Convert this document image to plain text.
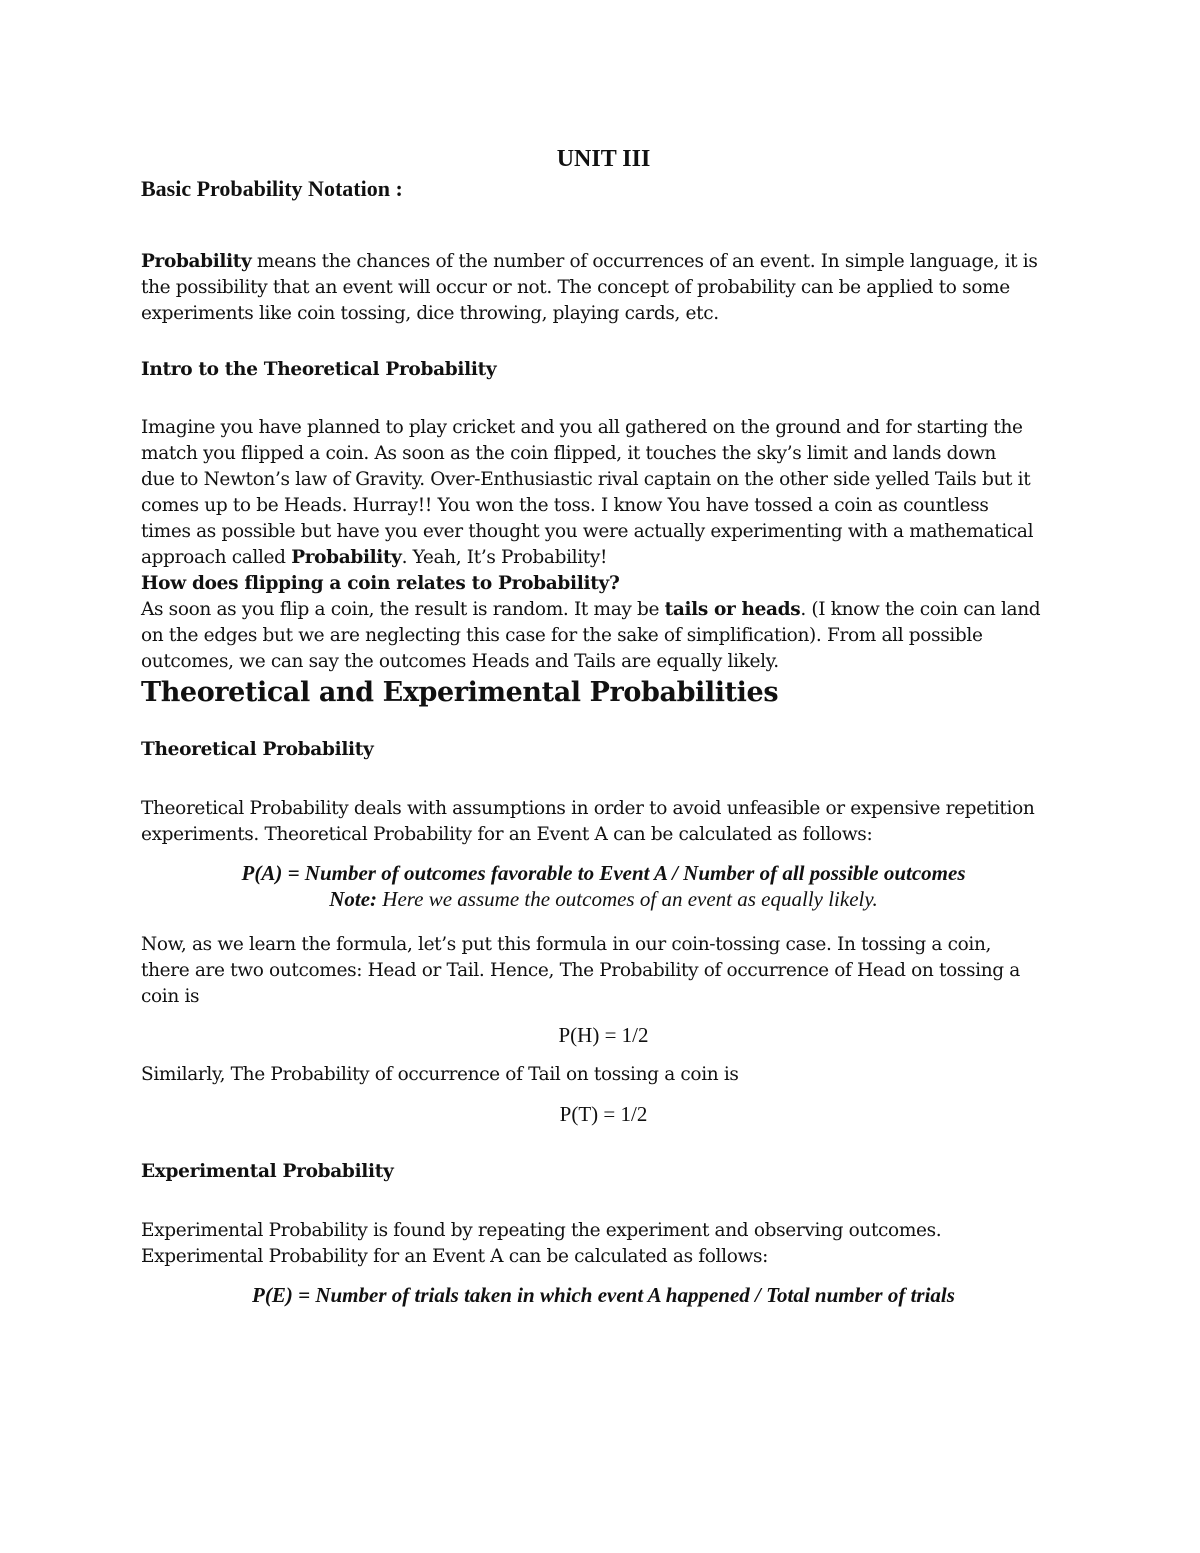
UNIT III
Basic Probability Notation :
Probability means the chances of the number of occurrences of an event. In simple language, it is
the possibility that an event will occur or not. The concept of probability can be applied to some
experiments like coin tossing, dice throwing, playing cards, etc.
Intro to the Theoretical Probability
Imagine you have planned to play cricket and you all gathered on the ground and for starting the
match you flipped a coin. As soon as the coin flipped, it touches the sky’s limit and lands down
due to Newton’s law of Gravity. Over-Enthusiastic rival captain on the other side yelled Tails but it
comes up to be Heads. Hurray!! You won the toss. I know You have tossed a coin as countless
times as possible but have you ever thought you were actually experimenting with a mathematical
approach called Probability. Yeah, It’s Probability!
How does flipping a coin relates to Probability?
As soon as you flip a coin, the result is random. It may be tails or heads. (I know the coin can land
on the edges but we are neglecting this case for the sake of simplification). From all possible
outcomes, we can say the outcomes Heads and Tails are equally likely.
Theoretical and Experimental Probabilities
Theoretical Probability
Theoretical Probability deals with assumptions in order to avoid unfeasible or expensive repetition
experiments. Theoretical Probability for an Event A can be calculated as follows:
P(A) = Number of outcomes favorable to Event A / Number of all possible outcomes
Note: Here we assume the outcomes of an event as equally likely.
Now, as we learn the formula, let’s put this formula in our coin-tossing case. In tossing a coin,
there are two outcomes: Head or Tail. Hence, The Probability of occurrence of Head on tossing a
coin is
P(H) = 1/2
Similarly, The Probability of occurrence of Tail on tossing a coin is
P(T) = 1/2
Experimental Probability
Experimental Probability is found by repeating the experiment and observing outcomes.
Experimental Probability for an Event A can be calculated as follows:
P(E) = Number of trials taken in which event A happened / Total number of trials
